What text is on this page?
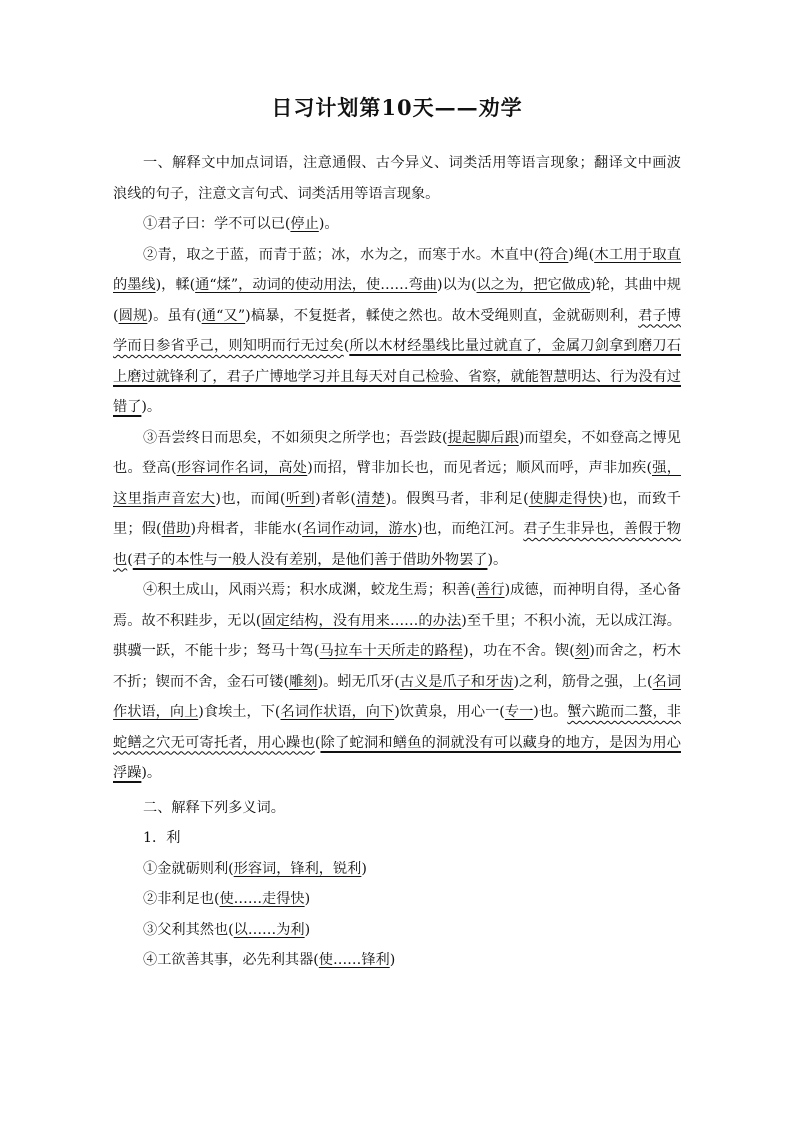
日习计划第10天——劝学

一、解释文中加点词语，注意通假、古今异义、词类活用等语言现象；翻译文中画波浪线的句子，注意文言句式、词类活用等语言现象。

①君子曰：学不可以已(停止)。

②青，取之于蓝，而青于蓝；冰，水为之，而寒于水。木直中(符合)绳(木工用于取直的墨线)，輮(通“煣”，动词的使动用法，使……弯曲)以为(以之为，把它做成)轮，其曲中规(圆规)。虽有(通“又”)槁暴，不复挺者，輮使之然也。故木受绳则直，金就砺则利，君子博学而日参省乎己，则知明而行无过矣(所以木材经墨线比量过就直了，金属刀剑拿到磨刀石上磨过就锋利了，君子广博地学习并且每天对自己检验、省察，就能智慧明达、行为没有过错了)。

③吾尝终日而思矣，不如须臾之所学也；吾尝跂(提起脚后跟)而望矣，不如登高之博见也。登高(形容词作名词，高处)而招，臂非加长也，而见者远；顺风而呼，声非加疾(强，这里指声音宏大)也，而闻(听到)者彰(清楚)。假舆马者，非利足(使脚走得快)也，而致千里；假(借助)舟楫者，非能水(名词作动词，游水)也，而绝江河。君子生非异也，善假于物也(君子的本性与一般人没有差别，是他们善于借助外物罢了)。

④积土成山，风雨兴焉；积水成渊，蛟龙生焉；积善(善行)成德，而神明自得，圣心备焉。故不积跬步，无以(固定结构，没有用来……的办法)至千里；不积小流，无以成江海。骐骥一跃，不能十步；驽马十驾(马拉车十天所走的路程)，功在不舍。锲(刻)而舍之，朽木不折；锲而不舍，金石可镂(雕刻)。蚓无爪牙(古义是爪子和牙齿)之利，筋骨之强，上(名词作状语，向上)食埃土，下(名词作状语，向下)饮黄泉，用心一(专一)也。蟹六跪而二螯，非蛇鳝之穴无可寄托者，用心躁也(除了蛇洞和鳝鱼的洞就没有可以藏身的地方，是因为用心浮躁)。

二、解释下列多义词。

1．利

①金就砺则利(形容词，锋利，锐利)

②非利足也(使……走得快)

③父利其然也(以……为利)

④工欲善其事，必先利其器(使……锋利)
